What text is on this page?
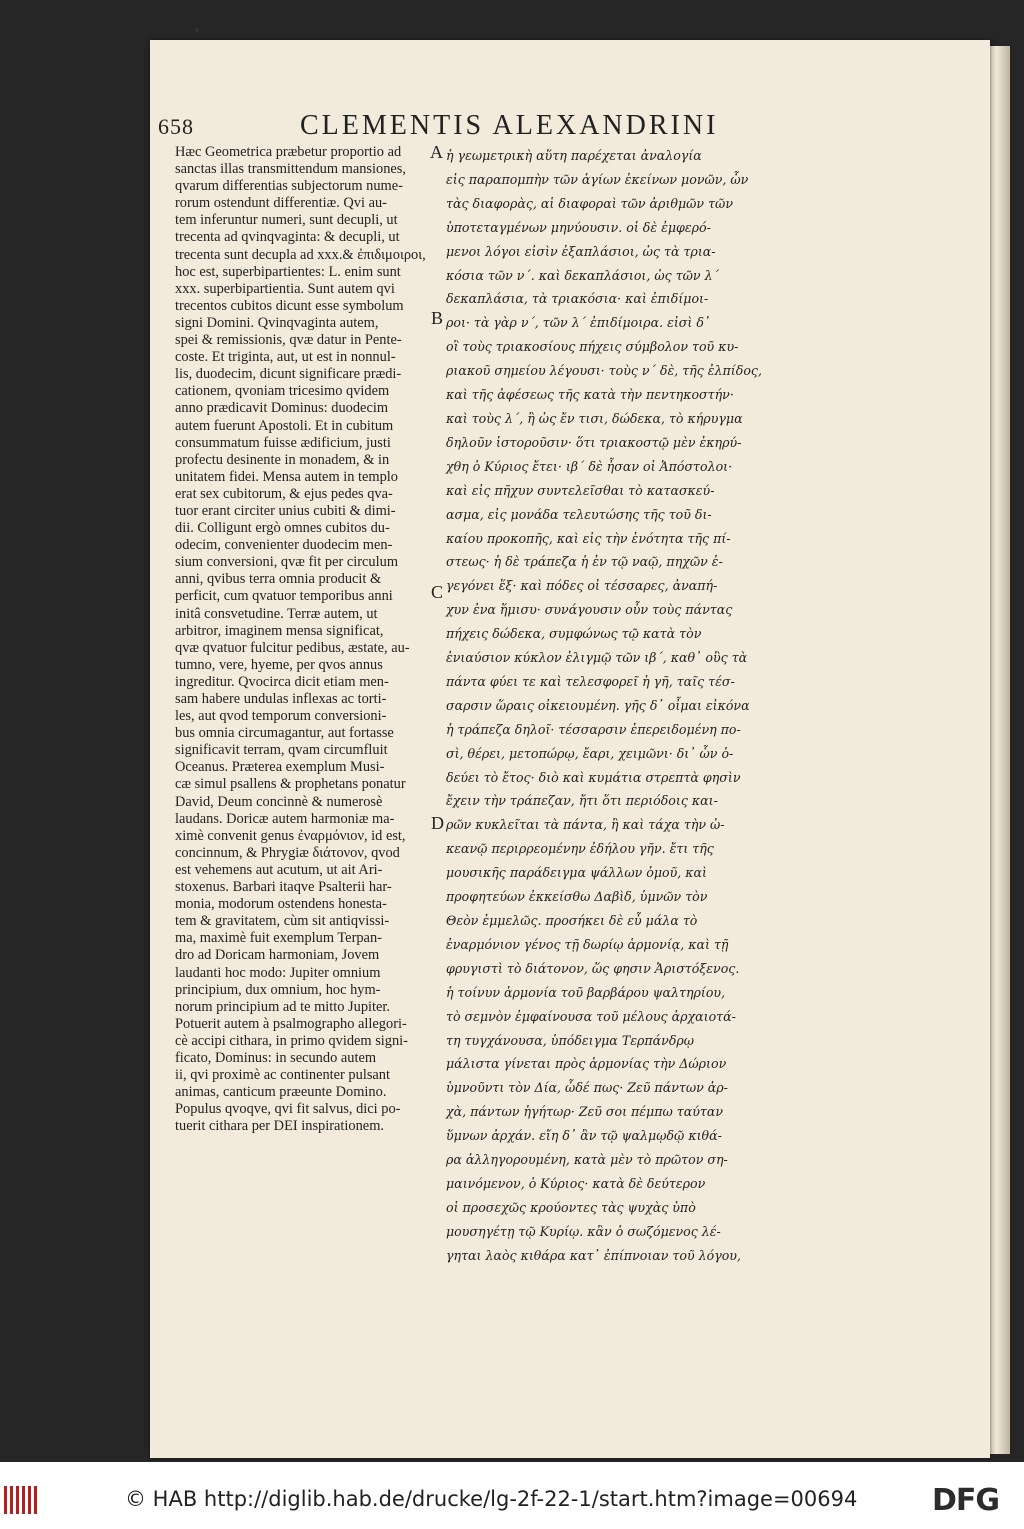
658	CLEMENTIS ALEXANDRINI
Hæc Geometrica præbetur proportio ad
sanctas illas transmittendum mansiones,
qvarum differentias subjectorum nume-
rorum ostendunt differentiæ. Qvi au-
tem inferuntur numeri, sunt decupli, ut
trecenta ad qvinqvaginta: & decupli, ut
trecenta sunt decupla ad xxx.& ἐπιδιμοιροι,
hoc est, superbipartientes: L. enim sunt
xxx. superbipartientia. Sunt autem qvi
trecentos cubitos dicunt esse symbolum
signi Domini. Qvinqvaginta autem,
spei & remissionis, qvæ datur in Pente-
coste. Et triginta, aut, ut est in nonnul-
lis, duodecim, dicunt significare prædi-
cationem, qvoniam tricesimo qvidem
anno prædicavit Dominus: duodecim
autem fuerunt Apostoli. Et in cubitum
consummatum fuisse ædificium, justi
profectu desinente in monadem, & in
unitatem fidei. Mensa autem in templo
erat sex cubitorum, & ejus pedes qva-
tuor erant circiter unius cubiti & dimi-
dii. Colligunt ergò omnes cubitos du-
odecim, convenienter duodecim men-
sium conversioni, qvæ fit per circulum
anni, qvibus terra omnia producit &
perficit, cum qvatuor temporibus anni
initâ consvetudine. Terræ autem, ut
arbitror, imaginem mensa significat,
qvæ qvatuor fulcitur pedibus, æstate, au-
tumno, vere, hyeme, per qvos annus
ingreditur. Qvocirca dicit etiam men-
sam habere undulas inflexas ac torti-
les, aut qvod temporum conversioni-
bus omnia circumagantur, aut fortasse
significavit terram, qvam circumfluit
Oceanus. Præterea exemplum Musi-
cæ simul psallens & prophetans ponatur
David, Deum concinnè & numerosè
laudans. Doricæ autem harmoniæ ma-
ximè convenit genus ἐναρμόνιον, id est,
concinnum, & Phrygiæ διάτονον, qvod
est vehemens aut acutum, ut ait Ari-
stoxenus. Barbari itaqve Psalterii har-
monia, modorum ostendens honesta-
tem & gravitatem, cùm sit antiqvissi-
ma, maximè fuit exemplum Terpan-
dro ad Doricam harmoniam, Jovem
laudanti hoc modo: Jupiter omnium
principium, dux omnium, hoc hym-
norum principium ad te mitto Jupiter.
Potuerit autem à psalmographo allegori-
cè accipi cithara, in primo qvidem signi-
ficato, Dominus: in secundo autem
ii, qvi proximè ac continenter pulsant
animas, canticum præeunte Domino.
Populus qvoqve, qvi fit salvus, dici po-
tuerit cithara per DEI inspirationem.
ἡ γεωμετρικὴ αὕτη παρέχεται ἀναλογία
εἰς παραπομπὴν τῶν ἁγίων ἐκείνων μονῶν, ὧν
τὰς διαφορὰς, αἱ διαφοραὶ τῶν ἀριθμῶν τῶν
ὑποτεταγμένων μηνύουσιν. οἱ δὲ ἐμφερό-
μενοι λόγοι εἰσὶν ἐξαπλάσιοι, ὡς τὰ τρια-
κόσια τῶν ν´. καὶ δεκαπλάσιοι, ὡς τῶν λ´
δεκαπλάσια, τὰ τριακόσια· καὶ ἐπιδίμοι-
ροι· τὰ γὰρ ν´, τῶν λ´ ἐπιδίμοιρα. εἰσὶ δ᾽
οἳ τοὺς τριακοσίους πήχεις σύμβολον τοῦ κυ-
ριακοῦ σημείου λέγουσι· τοὺς ν´ δὲ, τῆς ἐλπίδος,
καὶ τῆς ἀφέσεως τῆς κατὰ τὴν πεντηκοστήν·
καὶ τοὺς λ´, ἢ ὡς ἔν τισι, δώδεκα, τὸ κήρυγμα
δηλοῦν ἱστοροῦσιν· ὅτι τριακοστῷ μὲν ἐκηρύ-
χθη ὁ Κύριος ἔτει· ιβ´ δὲ ἦσαν οἱ Ἀπόστολοι·
καὶ εἰς πῆχυν συντελεῖσθαι τὸ κατασκεύ-
ασμα, εἰς μονάδα τελευτώσης τῆς τοῦ δι-
καίου προκοπῆς, καὶ εἰς τὴν ἑνότητα τῆς πί-
στεως· ἡ δὲ τράπεζα ἡ ἐν τῷ ναῷ, πηχῶν ἐ-
γεγόνει ἕξ· καὶ πόδες οἱ τέσσαρες, ἀναπή-
χυν ἐνα ἥμισυ· συνάγουσιν οὖν τοὺς πάντας
πήχεις δώδεκα, συμφώνως τῷ κατὰ τὸν
ἐνιαύσιον κύκλον ἑλιγμῷ τῶν ιβ´, καθ᾽ οὓς τὰ
πάντα φύει τε καὶ τελεσφορεῖ ἡ γῆ, ταῖς τέσ-
σαρσιν ὥραις οἰκειουμένη. γῆς δ᾽ οἶμαι εἰκόνα
ἡ τράπεζα δηλοῖ· τέσσαρσιν ἐπερειδομένη πο-
σὶ, θέρει, μετοπώρῳ, ἔαρι, χειμῶνι· δι᾽ ὧν ὁ-
δεύει τὸ ἔτος· διὸ καὶ κυμάτια στρεπτὰ φησὶν
ἔχειν τὴν τράπεζαν, ἤτι ὅτι περιόδοις και-
ρῶν κυκλεῖται τὰ πάντα, ἢ καὶ τάχα τὴν ὠ-
κεανῷ περιρρεομένην ἐδήλου γῆν. ἔτι τῆς
μουσικῆς παράδειγμα ψάλλων ὁμοῦ, καὶ
προφητεύων ἐκκείσθω Δαβὶδ, ὑμνῶν τὸν
Θεὸν ἐμμελῶς. προσήκει δὲ εὖ μάλα τὸ
ἐναρμόνιον γένος τῇ δωρίῳ ἁρμονίᾳ, καὶ τῇ
φρυγιστὶ τὸ διάτονον, ὥς φησιν Ἀριστόξενος.
ἡ τοίνυν ἁρμονία τοῦ βαρβάρου ψαλτηρίου,
τὸ σεμνὸν ἐμφαίνουσα τοῦ μέλους ἀρχαιοτά-
τη τυγχάνουσα, ὑπόδειγμα Τερπάνδρῳ
μάλιστα γίνεται πρὸς ἁρμονίας τὴν Δώριον
ὑμνοῦντι τὸν Δία, ὧδέ πως· Ζεῦ πάντων ἀρ-
χὰ, πάντων ἡγήτωρ· Ζεῦ σοι πέμπω ταύταν
ὕμνων ἀρχάν. εἴη δ᾽ ἂν τῷ ψαλμῳδῷ κιθά-
ρα ἀλληγορουμένη, κατὰ μὲν τὸ πρῶτον ση-
μαινόμενον, ὁ Κύριος· κατὰ δὲ δεύτερον
οἱ προσεχῶς κρούοντες τὰς ψυχὰς ὑπὸ
μουσηγέτῃ τῷ Κυρίῳ. κἂν ὁ σωζόμενος λέ-
γηται λαὸς κιθάρα κατ᾽ ἐπίπνοιαν τοῦ λόγου,
A
B
C
D
© HAB http://diglib.hab.de/drucke/lg-2f-22-1/start.htm?image=00694 DFG
